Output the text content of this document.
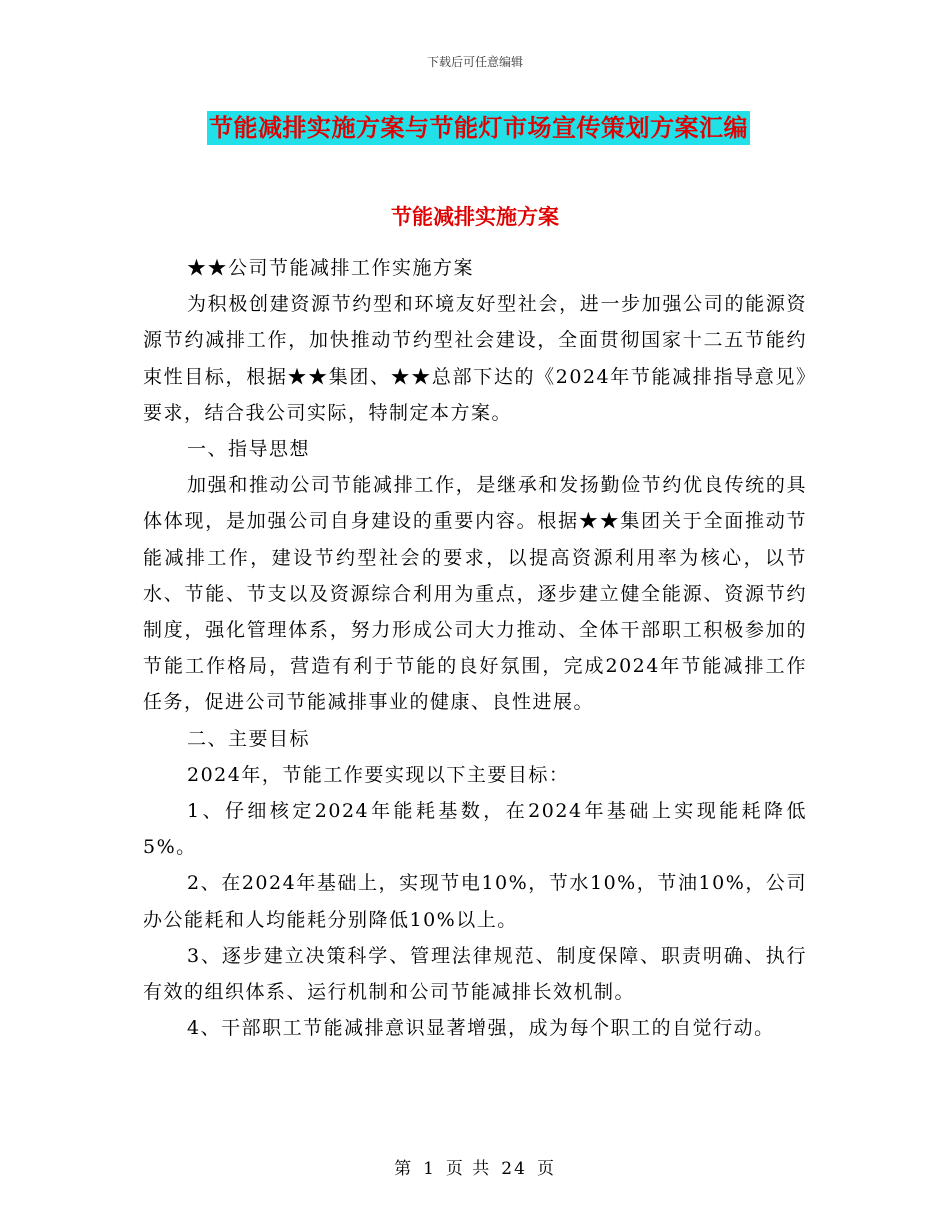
下载后可任意编辑
节能减排实施方案与节能灯市场宣传策划方案汇编
节能减排实施方案

★★公司节能减排工作实施方案

为积极创建资源节约型和环境友好型社会，进一步加强公司的能源资源节约减排工作，加快推动节约型社会建设，全面贯彻国家十二五节能约束性目标，根据★★集团、★★总部下达的《2024年节能减排指导意见》要求，结合我公司实际，特制定本方案。

一、指导思想

加强和推动公司节能减排工作，是继承和发扬勤俭节约优良传统的具体体现，是加强公司自身建设的重要内容。根据★★集团关于全面推动节能减排工作，建设节约型社会的要求，以提高资源利用率为核心，以节水、节能、节支以及资源综合利用为重点，逐步建立健全能源、资源节约制度，强化管理体系，努力形成公司大力推动、全体干部职工积极参加的节能工作格局，营造有利于节能的良好氛围，完成2024年节能减排工作任务，促进公司节能减排事业的健康、良性进展。

二、主要目标

2024年，节能工作要实现以下主要目标：

1、仔细核定2024年能耗基数，在2024年基础上实现能耗降低5%。

2、在2024年基础上，实现节电10%，节水10%，节油10%，公司办公能耗和人均能耗分别降低10%以上。

3、逐步建立决策科学、管理法律规范、制度保障、职责明确、执行有效的组织体系、运行机制和公司节能减排长效机制。

4、干部职工节能减排意识显著增强，成为每个职工的自觉行动。

第 1 页 共 24 页
